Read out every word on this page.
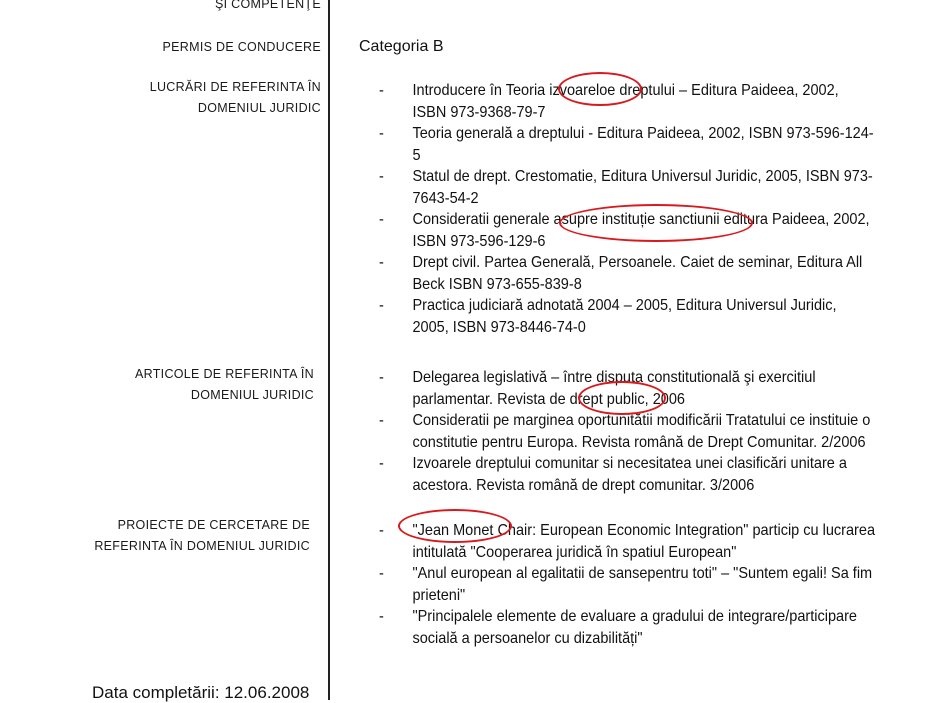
ŞI COMPETENŢE
PERMIS DE CONDUCERE Categoria B
LUCRĂRI DE REFERINTA ÎN
DOMENIUL JURIDIC
- Introducere în Teoria izvoareloe dreptului – Editura Paideea, 2002, ISBN 973-9368-79-7
- Teoria generală a dreptului - Editura Paideea, 2002, ISBN 973-596-124-5
- Statul de drept. Crestomatie, Editura Universul Juridic, 2005, ISBN 973-7643-54-2
- Consideratii generale asupre instituție sanctiunii editura Paideea, 2002, ISBN 973-596-129-6
- Drept civil. Partea Generală, Persoanele. Caiet de seminar, Editura All Beck ISBN 973-655-839-8
- Practica judiciară adnotată 2004 – 2005, Editura Universul Juridic, 2005, ISBN 973-8446-74-0
ARTICOLE DE REFERINTA ÎN
DOMENIUL JURIDIC
- Delegarea legislativă – între disputa constitutională şi exercitiul parlamentar. Revista de drept public, 2006
- Consideratii pe marginea oportunitătii modificării Tratatului ce instituie o constitutie pentru Europa. Revista română de Drept Comunitar. 2/2006
- Izvoarele dreptului comunitar si necesitatea unei clasificări unitare a acestora. Revista română de drept comunitar. 3/2006
PROIECTE DE CERCETARE DE
REFERINTA ÎN DOMENIUL JURIDIC
- "Jean Monet Chair: European Economic Integration" particip cu lucrarea intitulată "Cooperarea juridică în spatiul European"
- "Anul european al egalitatii de sansepentru toti" – "Suntem egali! Sa fim prieteni"
- "Principalele elemente de evaluare a gradului de integrare/participare socială a persoanelor cu dizabilități"
Data completării: 12.06.2008
